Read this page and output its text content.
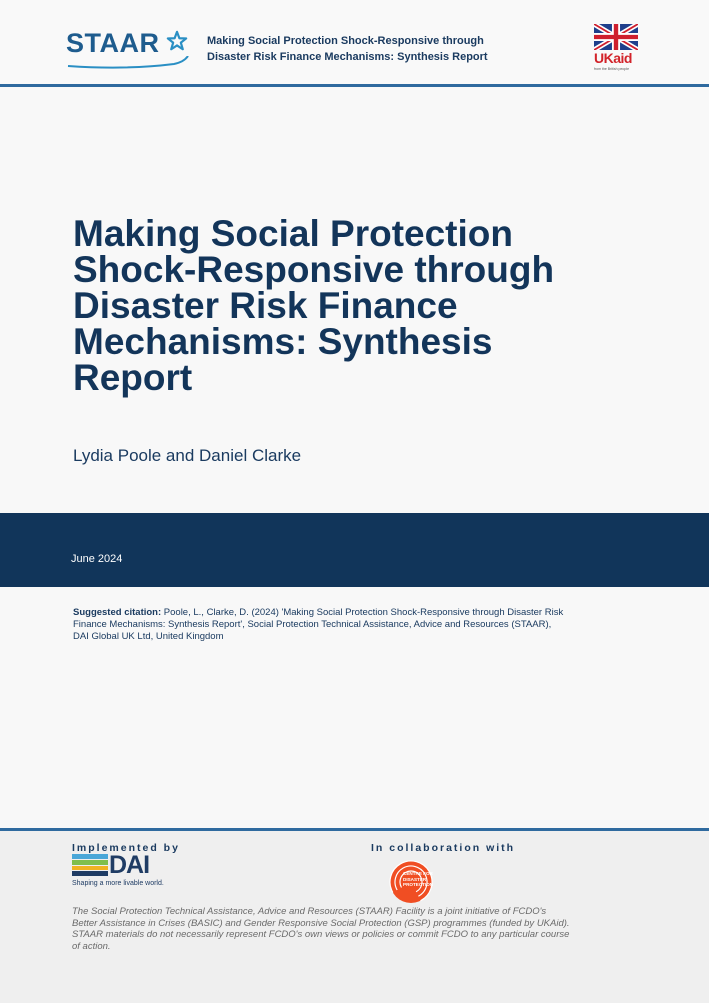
STAAR	Making Social Protection Shock-Responsive through
Disaster Risk Finance Mechanisms: Synthesis Report	UKaid
from the British people
Making Social Protection
Shock-Responsive through
Disaster Risk Finance
Mechanisms: Synthesis
Report
Lydia Poole and Daniel Clarke
June 2024
Suggested citation: Poole, L., Clarke, D. (2024) 'Making Social Protection Shock-Responsive through Disaster Risk
Finance Mechanisms: Synthesis Report', Social Protection Technical Assistance, Advice and Resources (STAAR),
DAI Global UK Ltd, United Kingdom
Implemented by	In collaboration with
DAI
Shaping a more livable world.
CENTRE FOR
DISASTER
PROTECTION
The Social Protection Technical Assistance, Advice and Resources (STAAR) Facility is a joint initiative of FCDO's
Better Assistance in Crises (BASIC) and Gender Responsive Social Protection (GSP) programmes (funded by UKAid).
STAAR materials do not necessarily represent FCDO's own views or policies or commit FCDO to any particular course
of action.
